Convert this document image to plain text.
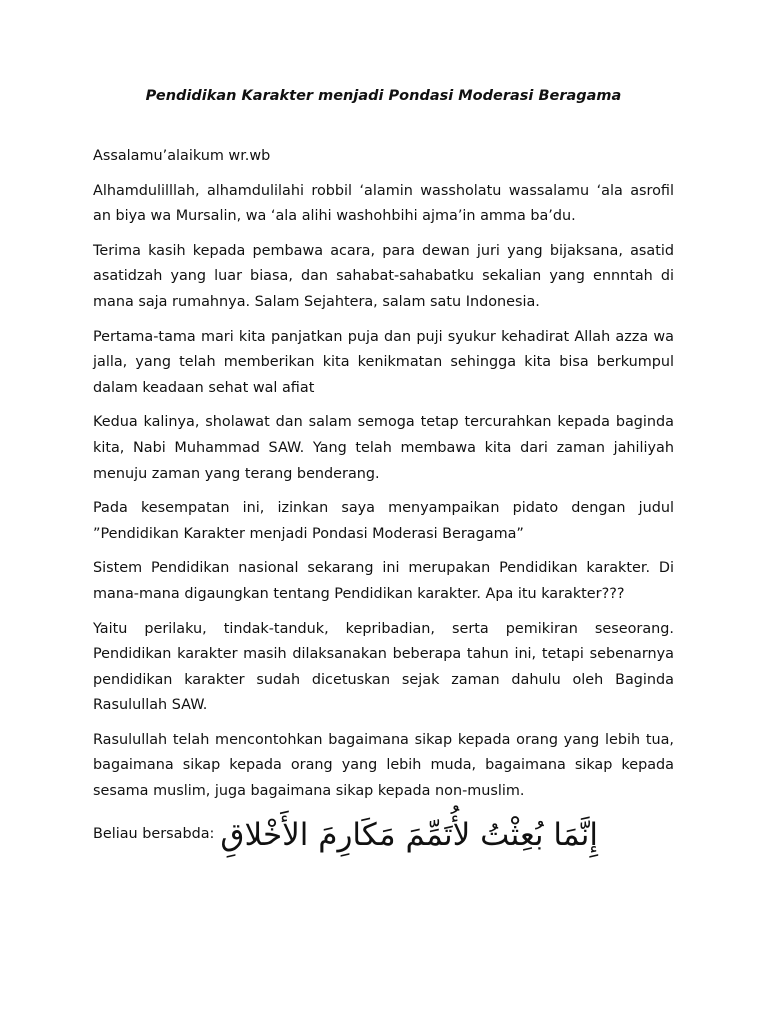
Pendidikan Karakter menjadi Pondasi Moderasi Beragama

Assalamu’alaikum wr.wb

Alhamdulilllah, alhamdulilahi robbil ‘alamin wassholatu wassalamu ‘ala asrofil an biya wa Mursalin, wa ‘ala alihi washohbihi ajma’in amma ba’du.

Terima kasih kepada pembawa acara, para dewan juri yang bijaksana, asatid asatidzah yang luar biasa, dan sahabat-sahabatku sekalian yang ennntah di mana saja rumahnya. Salam Sejahtera, salam satu Indonesia.

Pertama-tama mari kita panjatkan puja dan puji syukur kehadirat Allah azza wa jalla, yang telah memberikan kita kenikmatan sehingga kita bisa berkumpul dalam keadaan sehat wal afiat

Kedua kalinya, sholawat dan salam semoga tetap tercurahkan kepada baginda kita, Nabi Muhammad SAW. Yang telah membawa kita dari zaman jahiliyah menuju zaman yang terang benderang.

Pada kesempatan ini, izinkan saya menyampaikan pidato dengan judul ”Pendidikan Karakter menjadi Pondasi Moderasi Beragama”

Sistem Pendidikan nasional sekarang ini merupakan Pendidikan karakter. Di mana-mana digaungkan tentang Pendidikan karakter. Apa itu karakter???

Yaitu perilaku, tindak-tanduk, kepribadian, serta pemikiran seseorang. Pendidikan karakter masih dilaksanakan beberapa tahun ini, tetapi sebenarnya pendidikan karakter sudah dicetuskan sejak zaman dahulu oleh Baginda Rasulullah SAW.

Rasulullah telah mencontohkan bagaimana sikap kepada orang yang lebih tua, bagaimana sikap kepada orang yang lebih muda, bagaimana sikap kepada sesama muslim, juga bagaimana sikap kepada non-muslim.

Beliau bersabda: إِنَّمَا بُعِثْتُ لأُتَمِّمَ مَكَارِمَ الأَخْلاقِ
